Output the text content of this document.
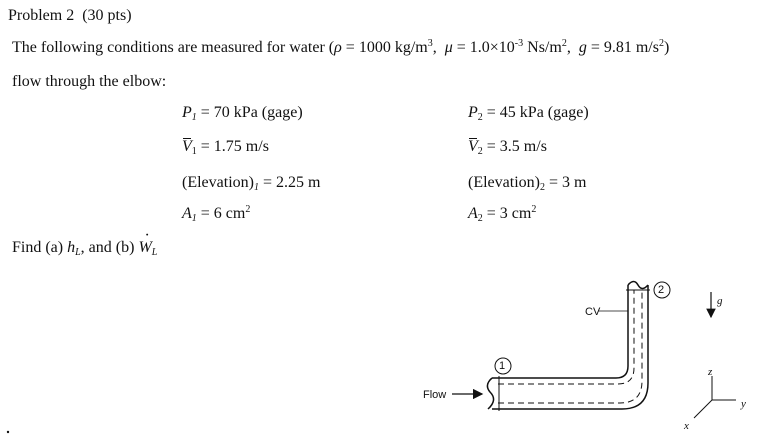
Problem 2 (30 pts)
The following conditions are measured for water (ρ = 1000 $kg/m^3$,  $\mu = 1.0\times 10^{-3}$ $Ns/m^2$,  g = 9.81 $m/s^2$)
flow through the elbow:
$P_1 = 70$ kPa (gage)
$V_1 = 1.75$ m/s
$(Elevation)_1 = 2.25$ m
$A_1 = 6$ $cm^2$
$P_2 = 45$ kPa (gage)
$V_2 = 3.5$ m/s
$(Elevation)_2 = 3$ m
$A_2 = 3$ $cm^2$
Find (a) $h_L$, and $(b) \cdot W_L$
Flow
CV
1
2
g
z
y
x
